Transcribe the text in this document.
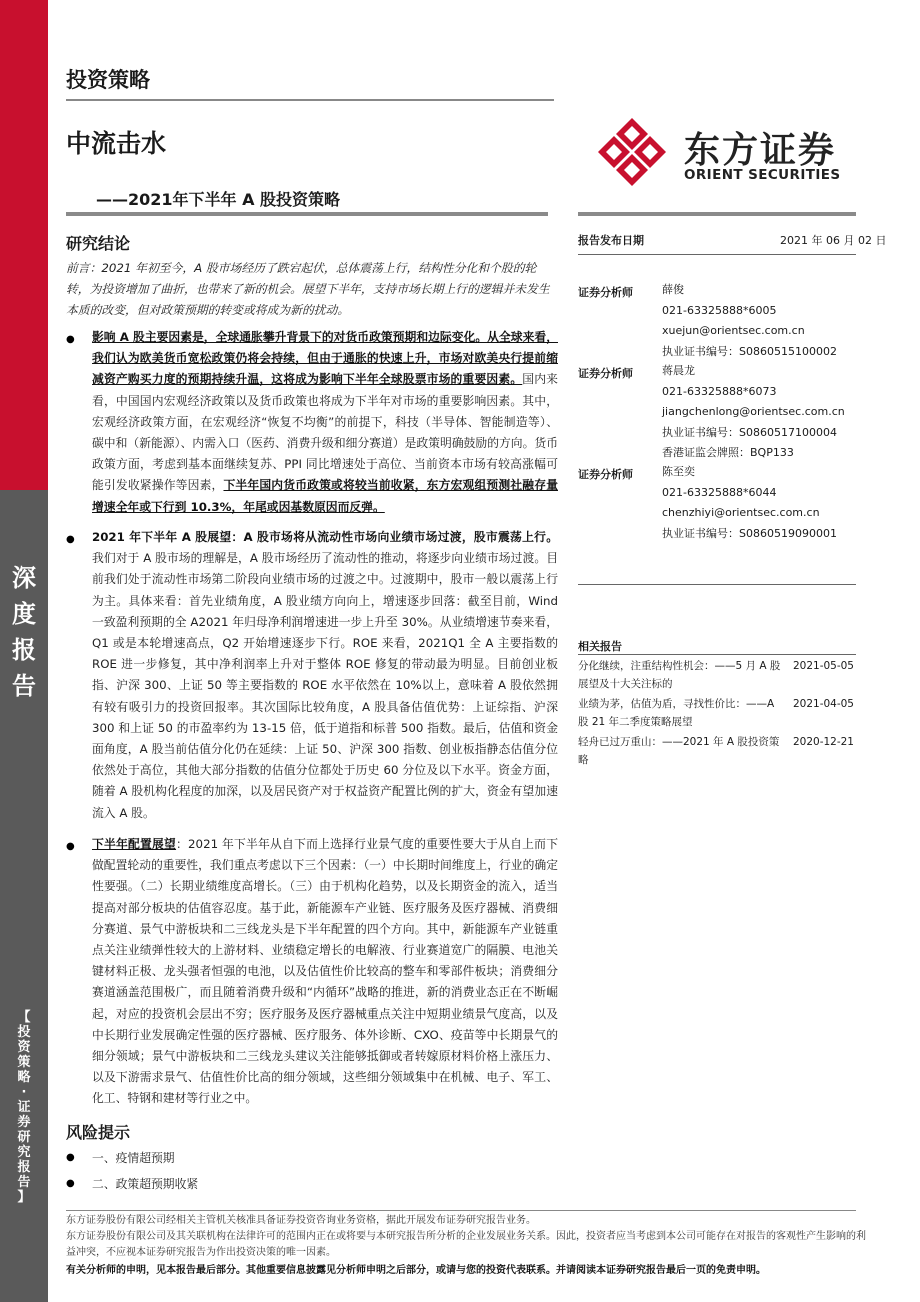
深
度
报
告
【
投
资
策
略
·
证
券
研
究
报
告
】
投资策略
中流击水
——2021年下半年 A 股投资策略
东方证券
ORIENT SECURITIES
研究结论
前言：2021 年初至今，A 股市场经历了跌宕起伏，总体震荡上行，结构性分化和个股的轮转，为投资增加了曲折，也带来了新的机会。展望下半年，支持市场长期上行的逻辑并未发生本质的改变，但对政策预期的转变或将成为新的扰动。
● 影响 A 股主要因素是，全球通胀攀升背景下的对货币政策预期和边际变化。从全球来看，我们认为欧美货币宽松政策仍将会持续，但由于通胀的快速上升，市场对欧美央行提前缩减资产购买力度的预期持续升温，这将成为影响下半年全球股票市场的重要因素。国内来看，中国国内宏观经济政策以及货币政策也将成为下半年对市场的重要影响因素。其中，宏观经济政策方面，在宏观经济“恢复不均衡”的前提下，科技（半导体、智能制造等）、碳中和（新能源）、内需入口（医药、消费升级和细分赛道）是政策明确鼓励的方向。货币政策方面，考虑到基本面继续复苏、PPI 同比增速处于高位、当前资本市场有较高涨幅可能引发收紧操作等因素，下半年国内货币政策或将较当前收紧，东方宏观组预测社融存量增速全年或下行到 10.3%，年尾或因基数原因而反弹。
● 2021 年下半年 A 股展望：A 股市场将从流动性市场向业绩市场过渡，股市震荡上行。我们对于 A 股市场的理解是，A 股市场经历了流动性的推动，将逐步向业绩市场过渡。目前我们处于流动性市场第二阶段向业绩市场的过渡之中。过渡期中，股市一般以震荡上行为主。具体来看：首先业绩角度，A 股业绩方向向上，增速逐步回落：截至目前，Wind 一致盈利预期的全 A2021 年归母净利润增速进一步上升至 30%。从业绩增速节奏来看，Q1 或是本轮增速高点，Q2 开始增速逐步下行。ROE 来看，2021Q1 全 A 主要指数的 ROE 进一步修复，其中净利润率上升对于整体 ROE 修复的带动最为明显。目前创业板指、沪深 300、上证 50 等主要指数的 ROE 水平依然在 10%以上，意味着 A 股依然拥有较有吸引力的投资回报率。其次国际比较角度，A 股具备估值优势：上证综指、沪深 300 和上证 50 的市盈率约为 13-15 倍，低于道指和标普 500 指数。最后，估值和资金面角度，A 股当前估值分化仍在延续：上证 50、沪深 300 指数、创业板指静态估值分位依然处于高位，其他大部分指数的估值分位都处于历史 60 分位及以下水平。资金方面，随着 A 股机构化程度的加深，以及居民资产对于权益资产配置比例的扩大，资金有望加速流入 A 股。
● 下半年配置展望：2021 年下半年从自下而上选择行业景气度的重要性要大于从自上而下做配置轮动的重要性，我们重点考虑以下三个因素：（一）中长期时间维度上，行业的确定性要强。（二）长期业绩维度高增长。（三）由于机构化趋势，以及长期资金的流入，适当提高对部分板块的估值容忍度。基于此，新能源车产业链、医疗服务及医疗器械、消费细分赛道、景气中游板块和二三线龙头是下半年配置的四个方向。其中，新能源车产业链重点关注业绩弹性较大的上游材料、业绩稳定增长的电解液、行业赛道宽广的隔膜、电池关键材料正极、龙头强者恒强的电池，以及估值性价比较高的整车和零部件板块；消费细分赛道涵盖范围极广，而且随着消费升级和“内循环”战略的推进，新的消费业态正在不断崛起，对应的投资机会层出不穷；医疗服务及医疗器械重点关注中短期业绩景气度高，以及中长期行业发展确定性强的医疗器械、医疗服务、体外诊断、CXO、疫苗等中长期景气的细分领域；景气中游板块和二三线龙头建议关注能够抵御或者转嫁原材料价格上涨压力、以及下游需求景气、估值性价比高的细分领域，这些细分领域集中在机械、电子、军工、化工、特钢和建材等行业之中。
风险提示
● 一、疫情超预期
● 二、政策超预期收紧
报告发布日期	2021 年 06 月 02 日
证券分析师	薛俊
021-63325888*6005
xuejun@orientsec.com.cn
执业证书编号：S0860515100002
证券分析师	蒋晨龙
021-63325888*6073
jiangchenlong@orientsec.com.cn
执业证书编号：S0860517100004
香港证监会牌照：BQP133
证券分析师	陈至奕
021-63325888*6044
chenzhiyi@orientsec.com.cn
执业证书编号：S0860519090001
相关报告
分化继续，注重结构性机会：——5 月 A 股展望及十大关注标的
2021-05-05
业绩为茅，估值为盾，寻找性价比：——A 股 21 年二季度策略展望
2021-04-05
轻舟已过万重山：——2021 年 A 股投资策略
2020-12-21
东方证券股份有限公司经相关主管机关核准具备证券投资咨询业务资格，据此开展发布证券研究报告业务。
东方证券股份有限公司及其关联机构在法律许可的范围内正在或将要与本研究报告所分析的企业发展业务关系。因此，投资者应当考虑到本公司可能存在对报告的客观性产生影响的利益冲突，不应视本证券研究报告为作出投资决策的唯一因素。
有关分析师的申明，见本报告最后部分。其他重要信息披露见分析师申明之后部分，或请与您的投资代表联系。并请阅读本证券研究报告最后一页的免责申明。
